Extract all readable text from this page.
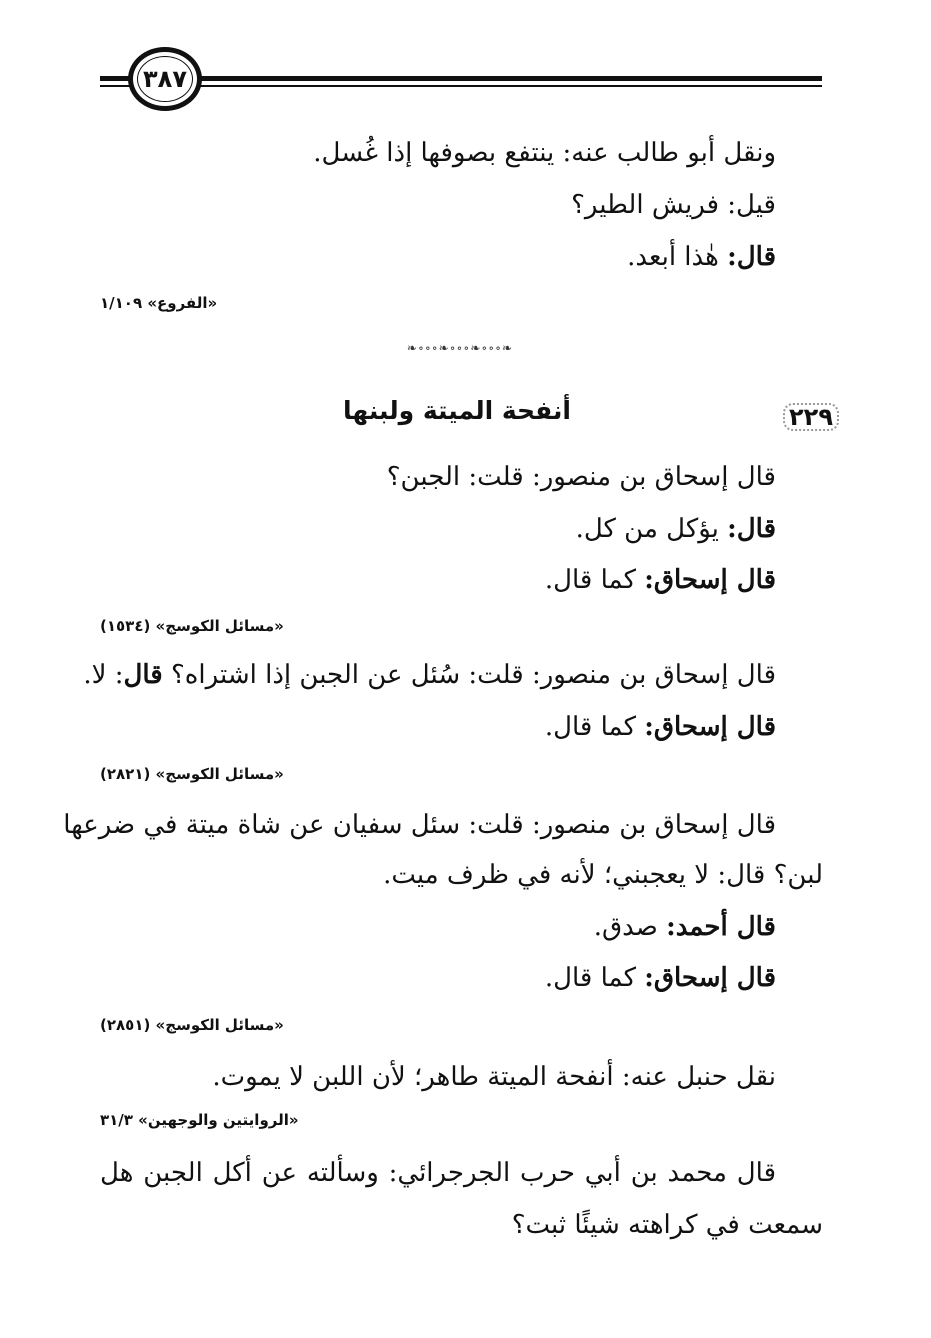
٣٨٧
ونقل أبو طالب عنه: ينتفع بصوفها إذا غُسل.
قيل: فريش الطير؟
قال: هٰذا أبعد.
«الفروع» ١/١٠٩
❧∘∘∘❧∘∘∘❧∘∘∘❧
٢٢٩
أنفحة الميتة ولبنها
قال إسحاق بن منصور: قلت: الجبن؟
قال: يؤكل من كل.
قال إسحاق: كما قال.
«مسائل الكوسج» (١٥٣٤)
قال إسحاق بن منصور: قلت: سُئل عن الجبن إذا اشتراه؟ قال: لا.
قال إسحاق: كما قال.
«مسائل الكوسج» (٢٨٢١)
قال إسحاق بن منصور: قلت: سئل سفيان عن شاة ميتة في ضرعها
لبن؟ قال: لا يعجبني؛ لأنه في ظرف ميت.
قال أحمد: صدق.
قال إسحاق: كما قال.
«مسائل الكوسج» (٢٨٥١)
نقل حنبل عنه: أنفحة الميتة طاهر؛ لأن اللبن لا يموت.
«الروايتين والوجهين» ٣١/٣
قال محمد بن أبي حرب الجرجرائي: وسألته عن أكل الجبن هل
سمعت في كراهته شيئًا ثبت؟
